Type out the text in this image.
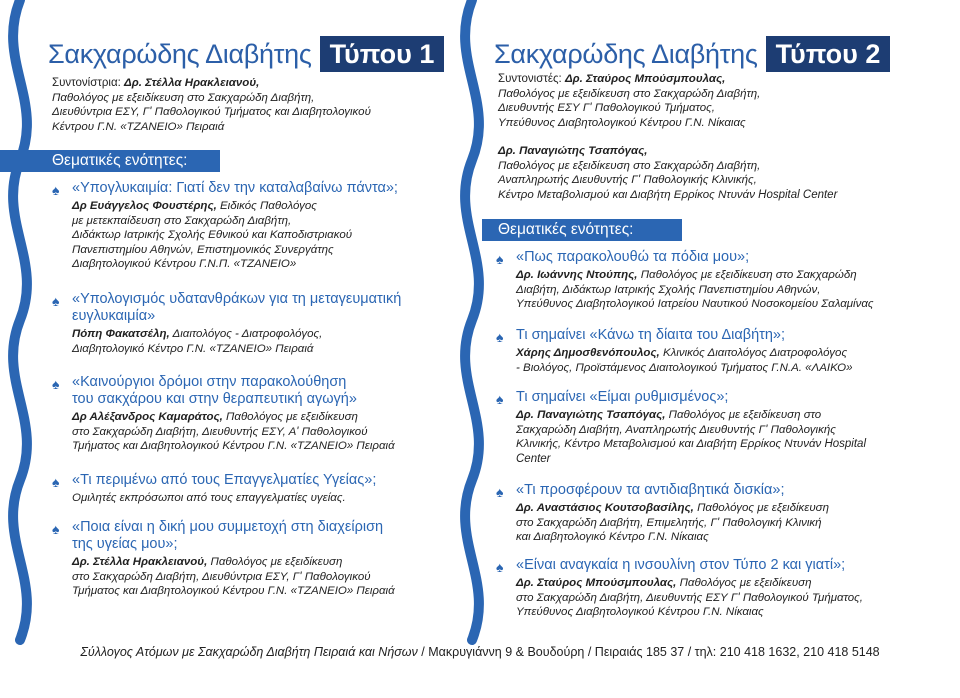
Σακχαρώδης Διαβήτης Τύπου 1
Συντονίστρια: Δρ. Στέλλα Ηρακλειανού,
Παθολόγος με εξειδίκευση στο Σακχαρώδη Διαβήτη,
Διευθύντρια ΕΣΥ, Γ' Παθολογικού Τμήματος και Διαβητολογικού
Κέντρου Γ.Ν. «ΤΖΑΝΕΙΟ» Πειραιά
Θεματικές ενότητες:
♠ «Υπογλυκαιμία: Γιατί δεν την καταλαβαίνω πάντα»;
Δρ Ευάγγελος Φουστέρης, Ειδικός Παθολόγος
με μετεκπαίδευση στο Σακχαρώδη Διαβήτη,
Διδάκτωρ Ιατρικής Σχολής Εθνικού και Καποδιστριακού
Πανεπιστημίου Αθηνών, Επιστημονικός Συνεργάτης
Διαβητολογικού Κέντρου Γ.Ν.Π. «ΤΖΑΝΕΙΟ»
♠ «Υπολογισμός υδατανθράκων για τη μεταγευματική
ευγλυκαιμία»
Πόπη Φακατσέλη, Διαιτολόγος - Διατροφολόγος,
Διαβητολογικό Κέντρο Γ.Ν. «ΤΖΑΝΕΙΟ» Πειραιά
♠ «Καινούργιοι δρόμοι στην παρακολούθηση
του σακχάρου και στην θεραπευτική αγωγή»
Δρ Αλέξανδρος Καμαράτος, Παθολόγος με εξειδίκευση
στο Σακχαρώδη Διαβήτη, Διευθυντής ΕΣΥ, Α' Παθολογικού
Τμήματος και Διαβητολογικού Κέντρου Γ.Ν. «ΤΖΑΝΕΙΟ» Πειραιά
♠ «Τι περιμένω από τους Επαγγελματίες Υγείας»;
Ομιλητές εκπρόσωποι από τους επαγγελματίες υγείας.
♠ «Ποια είναι η δική μου συμμετοχή στη διαχείριση
της υγείας μου»;
Δρ. Στέλλα Ηρακλειανού, Παθολόγος με εξειδίκευση
στο Σακχαρώδη Διαβήτη, Διευθύντρια ΕΣΥ, Γ' Παθολογικού
Τμήματος και Διαβητολογικού Κέντρου Γ.Ν. «ΤΖΑΝΕΙΟ» Πειραιά
Σακχαρώδης Διαβήτης Τύπου 2
Συντονιστές: Δρ. Σταύρος Μπούσμπουλας,
Παθολόγος με εξειδίκευση στο Σακχαρώδη Διαβήτη,
Διευθυντής ΕΣΥ Γ' Παθολογικού Τμήματος,
Υπεύθυνος Διαβητολογικού Κέντρου Γ.Ν. Νίκαιας
Δρ. Παναγιώτης Τσαπόγας,
Παθολόγος με εξειδίκευση στο Σακχαρώδη Διαβήτη,
Αναπληρωτής Διευθυντής Γ' Παθολογικής Κλινικής,
Κέντρο Μεταβολισμού και Διαβήτη Ερρίκος Ντυνάν Hospital Center
Θεματικές ενότητες:
♠ «Πως παρακολουθώ τα πόδια μου»;
Δρ. Ιωάννης Ντούπης, Παθολόγος με εξειδίκευση στο Σακχαρώδη
Διαβήτη, Διδάκτωρ Ιατρικής Σχολής Πανεπιστημίου Αθηνών,
Υπεύθυνος Διαβητολογικού Ιατρείου Ναυτικού Νοσοκομείου Σαλαμίνας
♠ Τι σημαίνει «Κάνω τη δίαιτα του Διαβήτη»;
Χάρης Δημοσθενόπουλος, Κλινικός Διαιτολόγος Διατροφολόγος
- Βιολόγος, Προϊστάμενος Διαιτολογικού Τμήματος Γ.Ν.Α. «ΛΑΙΚΟ»
♠ Τι σημαίνει «Είμαι ρυθμισμένος»;
Δρ. Παναγιώτης Τσαπόγας, Παθολόγος με εξειδίκευση στο
Σακχαρώδη Διαβήτη, Αναπληρωτής Διευθυντής Γ' Παθολογικής
Κλινικής, Κέντρο Μεταβολισμού και Διαβήτη Ερρίκος Ντυνάν Hospital
Center
♠ «Τι προσφέρουν τα αντιδιαβητικά δισκία»;
Δρ. Αναστάσιος Κουτσοβασίλης, Παθολόγος με εξειδίκευση
στο Σακχαρώδη Διαβήτη, Επιμελητής, Γ' Παθολογική Κλινική
και Διαβητολογικό Κέντρο Γ.Ν. Νίκαιας
♠ «Είναι αναγκαία η ινσουλίνη στον Τύπο 2 και γιατί»;
Δρ. Σταύρος Μπούσμπουλας, Παθολόγος με εξειδίκευση
στο Σακχαρώδη Διαβήτη, Διευθυντής ΕΣΥ Γ' Παθολογικού Τμήματος,
Υπεύθυνος Διαβητολογικού Κέντρου Γ.Ν. Νίκαιας
Σύλλογος Ατόμων με Σακχαρώδη Διαβήτη Πειραιά και Νήσων / Μακρυγιάννη 9 & Βουδούρη / Πειραιάς 185 37 / τηλ: 210 418 1632, 210 418 5148
